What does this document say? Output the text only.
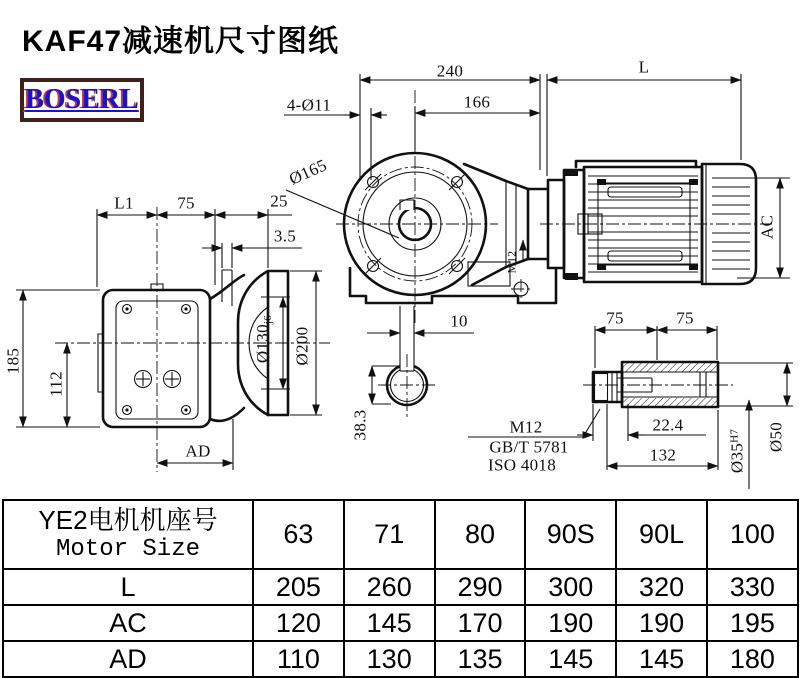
KAF47减速机尺寸图纸
BOSERL
240	L
166
4-Ø11
Ø165
AC
M12
L1	75	25
3.5
185
112
$Ø130_{j6}$
Ø200
AD
10
38.3	M12
GB/T 5781
ISO 4018
75	75
22.4
132	$Ø35^{H7}$ Ø50
YE2电机机座号
Motor Size	63	71	80	90S	90L	100
L	205	260	290	300	320	330
AC	120	145	170	190	190	195
AD	110	130	135	145	145	180
